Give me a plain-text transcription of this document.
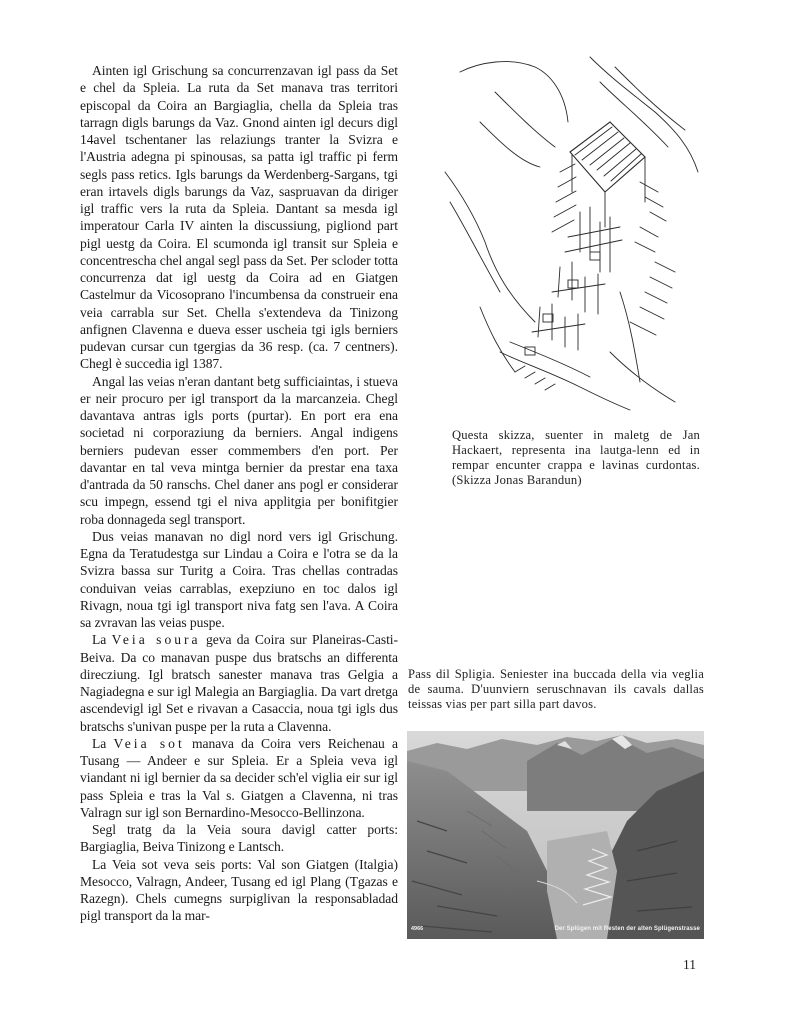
Ainten igl Grischung sa concurrenzavan igl pass da Set e chel da Spleia. La ruta da Set manava tras territori episcopal da Coira an Bargiaglia, chella da Spleia tras tarragn digls barungs da Vaz. Gnond ainten igl decurs digl 14avel tschentaner las relaziungs tranter la Svizra e l'Austria adegna pi spinousas, sa patta igl traffic pi ferm segls pass retics. Igls barungs da Werdenberg-Sargans, tgi eran irtavels digls barungs da Vaz, saspruavan da diriger igl traffic vers la ruta da Spleia. Dantant sa mesda igl imperatour Carla IV ainten la discussiung, pigliond part pigl uestg da Coira. El scumonda igl transit sur Spleia e concentrescha chel angal segl pass da Set. Per scloder totta concurrenza dat igl uestg da Coira ad en Giatgen Castelmur da Vicosoprano l'incumbensa da construeir ena veia carrabla sur Set. Chella s'extendeva da Tinizong anfignen Clavenna e dueva esser uscheia tgi igls berniers pudevan cursar cun tgergias da 36 resp. (ca. 7 centners). Chegl è succedia igl 1387.

Angal las veias n'eran dantant betg sufficiaintas, i stueva er neir procuro per igl transport da la marcanzeia. Chegl davantava antras igls ports (purtar). En port era ena societad ni corporaziung da berniers. Angal indigens berniers pudevan esser commembers d'en port. Per davantar en tal veva mintga bernier da prestar ena taxa d'antrada da 50 ranschs. Chel daner ans pogl er considerar scu impegn, essend tgi el niva applitgia per bonifitgier roba donnageda segl transport.

Dus veias manavan no digl nord vers igl Grischung. Egna da Teratudestga sur Lindau a Coira e l'otra se da la Svizra bassa sur Turitg a Coira. Tras chellas contradas conduivan veias carrablas, exepziuno en toc dalos igl Rivagn, noua tgi igl transport niva fatg sen l'ava. A Coira sa zvravan las veias puspe.

La Veia soura geva da Coira sur Planeiras-Casti-Beiva. Da co manavan puspe dus bratschs an differenta direcziung. Igl bratsch sanester manava tras Gelgia a Nagiadegna e sur igl Malegia an Bargiaglia. Da vart dretga ascendevigl igl Set e rivavan a Casaccia, noua tgi igls dus bratschs s'univan puspe per la ruta a Clavenna.

La Veia sot manava da Coira vers Reichenau a Tusang — Andeer e sur Spleia. Er a Spleia veva igl viandant ni igl bernier da sa decider sch'el viglia eir sur igl pass Spleia e tras la Val s. Giatgen a Clavenna, ni tras Valragn sur igl son Bernardino-Mesocco-Bellinzona.

Segl tratg da la Veia soura davigl catter ports: Bargiaglia, Beiva Tinizong e Lantsch.

La Veia sot veva seis ports: Val son Giatgen (Italgia) Mesocco, Valragn, Andeer, Tusang ed igl Plang (Tgazas e Razegn). Chels cumegns surpiglivan la responsabladad pigl transport da la mar-

Questa skizza, suenter in maletg de Jan Hackaert, representa ina lautga-lenn ed in rempar encunter crappa e lavinas curdontas. (Skizza Jonas Barandun)
Pass dil Spligia. Seniester ina buccada della via veglia de sauma. D'uunviern seruschnavan ils cavals dallas teissas vias per part silla part davos.
4966	Der Splügen mit Resten der alten Splügenstrasse
11
